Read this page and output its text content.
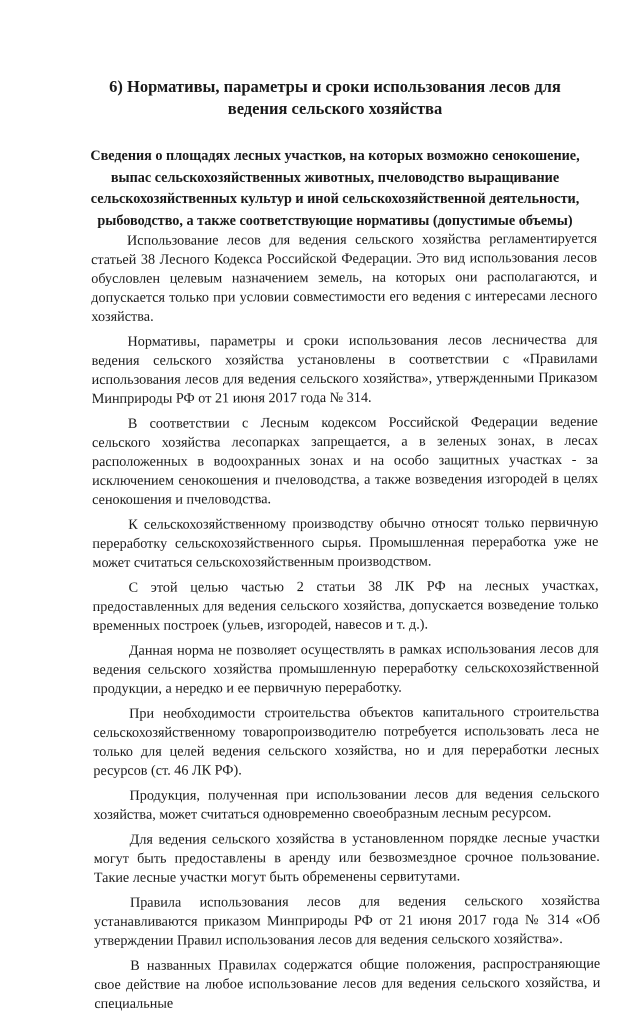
6) Нормативы, параметры и сроки использования лесов для ведения сельского хозяйства
Сведения о площадях лесных участков, на которых возможно сенокошение, выпас сельскохозяйственных животных, пчеловодство выращивание сельскохозяйственных культур и иной сельскохозяйственной деятельности, рыбоводство, а также соответствующие нормативы (допустимые объемы)

Использование лесов для ведения сельского хозяйства регламентируется статьей 38 Лесного Кодекса Российской Федерации. Это вид использования лесов обусловлен целевым назначением земель, на которых они располагаются, и допускается только при условии совместимости его ведения с интересами лесного хозяйства.

Нормативы, параметры и сроки использования лесов лесничества для ведения сельского хозяйства установлены в соответствии с «Правилами использования лесов для ведения сельского хозяйства», утвержденными Приказом Минприроды РФ от 21 июня 2017 года № 314.

В соответствии с Лесным кодексом Российской Федерации ведение сельского хозяйства лесопарках запрещается, а в зеленых зонах, в лесах расположенных в водоохранных зонах и на особо защитных участках - за исключением сенокошения и пчеловодства, а также возведения изгородей в целях сенокошения и пчеловодства.

К сельскохозяйственному производству обычно относят только первичную переработку сельскохозяйственного сырья. Промышленная переработка уже не может считаться сельскохозяйственным производством.

С этой целью частью 2 статьи 38 ЛК РФ на лесных участках, предоставленных для ведения сельского хозяйства, допускается возведение только временных построек (ульев, изгородей, навесов и т. д.).

Данная норма не позволяет осуществлять в рамках использования лесов для ведения сельского хозяйства промышленную переработку сельскохозяйственной продукции, а нередко и ее первичную переработку.

При необходимости строительства объектов капитального строительства сельскохозяйственному товаропроизводителю потребуется использовать леса не только для целей ведения сельского хозяйства, но и для переработки лесных ресурсов (ст. 46 ЛК РФ).

Продукция, полученная при использовании лесов для ведения сельского хозяйства, может считаться одновременно своеобразным лесным ресурсом.

Для ведения сельского хозяйства в установленном порядке лесные участки могут быть предоставлены в аренду или безвозмездное срочное пользование. Такие лесные участки могут быть обременены сервитутами.

Правила использования лесов для ведения сельского хозяйства устанавливаются приказом Минприроды РФ от 21 июня 2017 года № 314 «Об утверждении Правил использования лесов для ведения сельского хозяйства».

В названных Правилах содержатся общие положения, распространяющие свое действие на любое использование лесов для ведения сельского хозяйства, и специальные
